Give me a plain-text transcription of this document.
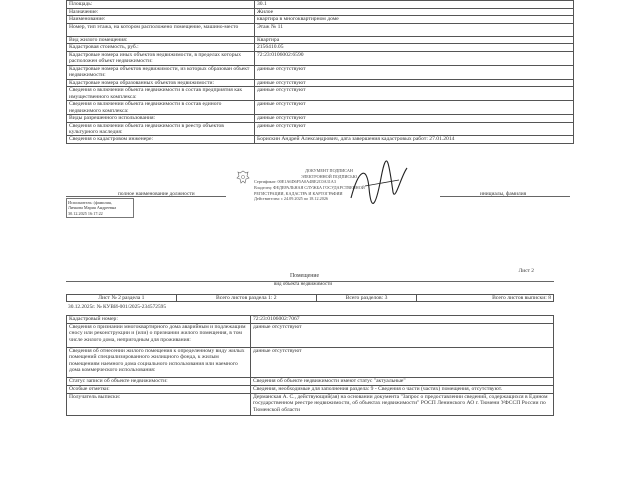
Площадь:	30.1
Назначение:	Жилое
Наименование:	квартира в многоквартирном доме
Номер, тип этажа, на котором расположено помещение, машино-место	Этаж № 11
Вид жилого помещения:	Квартира
Кадастровая стоимость, руб.:	2156410.05
Кадастровые номера иных объектов недвижимости, в пределах которых расположен объект недвижимости:	72:23:0106002:6590
Кадастровые номера объектов недвижимости, из которых образован объект недвижимости:	данные отсутствуют
Кадастровые номера образованных объектов недвижимости:	данные отсутствуют
Сведения о включении объекта недвижимости в состав предприятия как имущественного комплекса:	данные отсутствуют
Сведения о включении объекта недвижимости в состав единого недвижимого комплекса:	данные отсутствуют
Виды разрешенного использования:	данные отсутствуют
Сведения о включении объекта недвижимости в реестр объектов культурного наследия:	данные отсутствуют
Сведения о кадастровом инженере:	Борискин Андрей Александрович, дата завершения кадастровых работ: 27.01.2014
полное наименование должности
Исполнитель: (фамилия,
Личкова Мария Андреевна
30.12.2025 16:17:22
ДОКУМЕНТ ПОДПИСАН
ЭЛЕКТРОННОЙ ПОДПИСЬЮ
Сертификат: 00E1A6D6F5A0A4BE2C0A31A3
Владелец: ФЕДЕРАЛЬНАЯ СЛУЖБА ГОСУДАРСТВЕННОЙ
РЕГИСТРАЦИИ, КАДАСТРА И КАРТОГРАФИИ
Действителен: с 24.09.2025 по 18.12.2026
инициалы, фамилия
Лист 2
Помещение
вид объекта недвижимости
Лист № 2 раздела 1	Всего листов раздела 1: 2	Всего разделов: 3	Всего листов выписки: 8
30.12.2025г. № КУВИ-001/2025-234572595
Кадастровый номер:	72:23:0106002:7067
Сведения о признании многоквартирного дома аварийным и подлежащим сносу или реконструкции и (или) о признании жилого помещения, в том числе жилого дома, непригодным для проживания:	данные отсутствуют
Сведения об отнесении жилого помещения к определенному виду жилых помещений специализированного жилищного фонда, к жилым помещениям наемного дома социального использования или наемного дома коммерческого использования:	данные отсутствуют
Статус записи об объекте недвижимости:	Сведения об объекте недвижимости имеют статус "актуальные"
Особые отметки:	Сведения, необходимые для заполнения раздела: 9 - Сведения о части (частях) помещения, отсутствуют.
Получатель выписки:	Дерманская А. С., действующий(ая) на основании документа "Запрос о предоставлении сведений, содержащихся в Едином государственном реестре недвижимости, об объектах недвижимости" РОСП Ленинского АО г. Тюмени УФССП России по Тюменской области
